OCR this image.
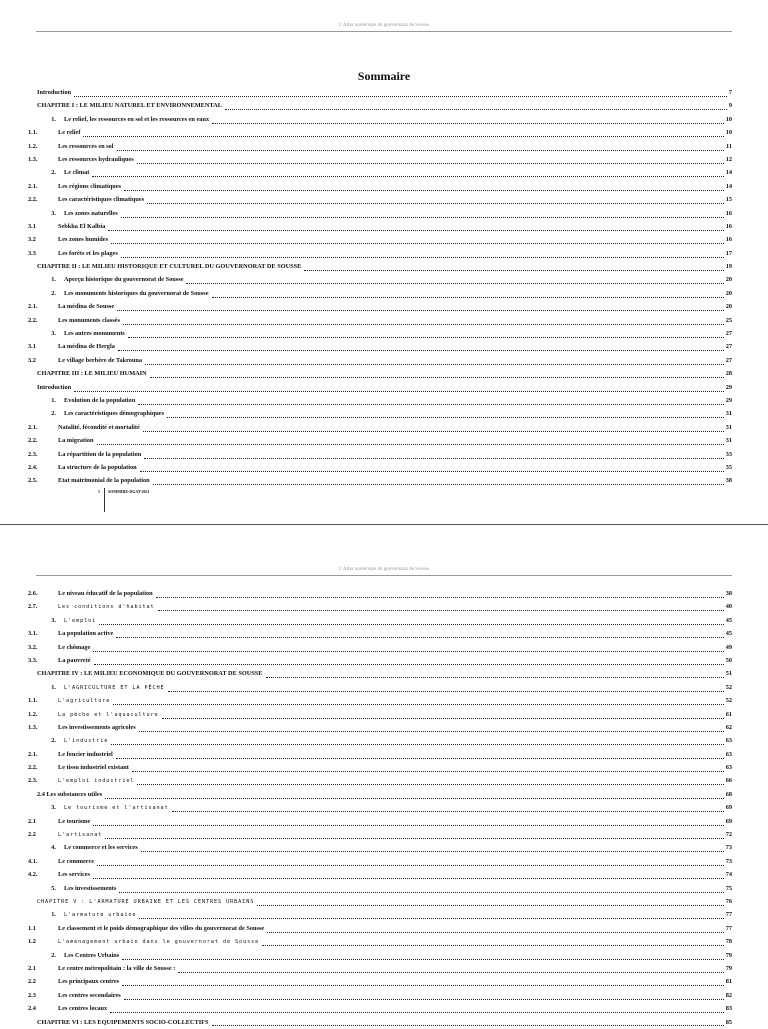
L'Atlas numérique du gouvernorat de Sousse
Sommaire
Introduction	7
CHAPITRE I : LE MILIEU NATUREL ET ENVIRONNEMENTAL	9
1. Le relief, les ressources en sol et les ressources en eaux	10
1.1.	Le relief	10
1.2.	Les ressources en sol	11
1.3.	Les ressources hydrauliques	12
2. Le climat	14
2.1.	Les régions climatiques	14
2.2.	Les caractéristiques climatiques	15
3. Les zones naturelles	16
3.1	Sebkha El Kalbia	16
3.2	Les zones humides	16
3.3	Les forêts et les plages	17
CHAPITRE II : LE MILIEU HISTORIQUE ET CULTUREL DU GOUVERNORAT DE SOUSSE	19
1. Aperçu historique du gouvernorat de Sousse	20
2. Les monuments historiques du gouvernorat de Sousse	20
2.1.	La médina de Sousse	20
2.2.	Les monuments classés	25
3. Les autres monuments	27
3.1	La médina de Hergla	27
3.2	Le village berbère de Takrouna	27
CHAPITRE III : LE MILIEU HUMAIN	28
Introduction	29
1. Evolution de la population	29
2. Les caractéristiques démographiques	31
2.1.	Natalité, fécondité et mortalité	31
2.2.	La migration	31
2.3.	La répartition de la population	33
2.4.	La structure de la population	35
2.5.	Etat matrimonial de la population	38
1 SOMMIRE-DGAT-2021
L'Atlas numérique du gouvernorat de Sousse
2.6.	Le niveau éducatif de la population	38
2.7.	Les conditions d'habitat	40
3. L'emploi	45
3.1.	La population active	45
3.2.	Le chômage	49
3.3.	La pauvreté	50
CHAPITRE IV : LE MILIEU ECONOMIQUE DU GOUVERNORAT DE SOUSSE	51
1. L'AGRICULTURE ET LA PÊCHE	52
1.1.	L'agriculture	52
1.2.	La pêche et l'aquaculture	61
1.3.	Les investissements agricoles	62
2. L'industrie	63
2.1.	Le foncier industriel	63
2.2.	Le tissu industriel existant	63
2.3.	L'emploi industriel	66
2.4 Les substances utiles	68
3. Le tourisme et l'artisanat	69
2.1	Le tourisme	69
2.2	L'artisanat	72
4. Le commerce et les services	73
4.1.	Le commerce	73
4.2.	Les services	74
5. Les investissements	75
CHAPITRE V : L'ARMATURE URBAINE ET LES CENTRES URBAINS	76
1. L'armature urbaine	77
1.1	Le classement et le poids démographique des villes du gouvernorat de Sousse	77
1.2	L'aménagement urbain dans le gouvernorat de Sousse	78
2. Les Centres Urbains	79
2.1	Le centre métropolitain : la ville de Sousse :	79
2.2	Les principaux centres	81
2.3	Les centres secondaires	82
2.4	Les centres locaux	83
CHAPITRE VI : LES EQUIPEMENTS SOCIO-COLLECTIFS	85
